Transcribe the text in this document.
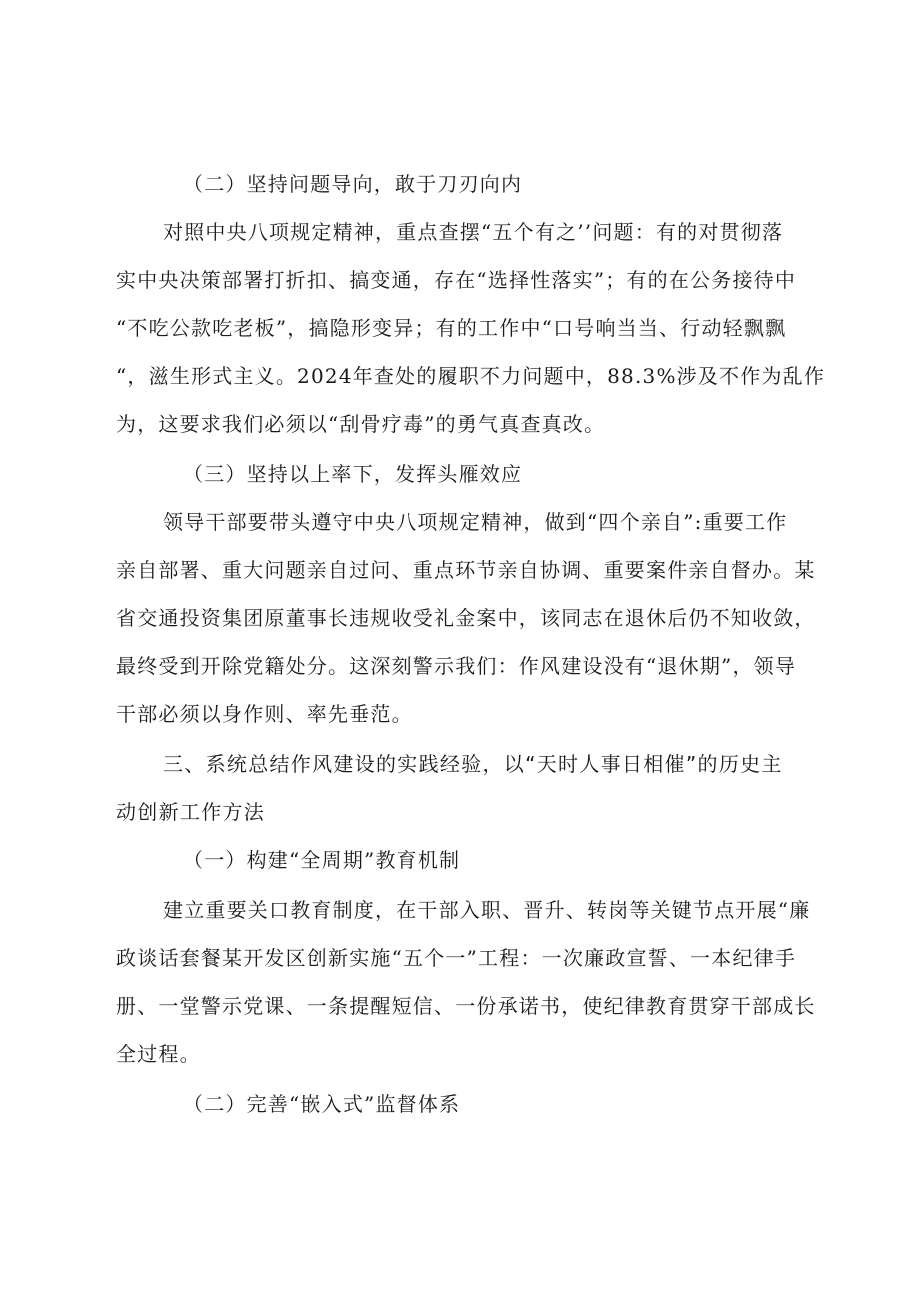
（二）坚持问题导向，敢于刀刃向内
对照中央八项规定精神，重点查摆“五个有之’’问题：有的对贯彻落
实中央决策部署打折扣、搞变通，存在“选择性落实”；有的在公务接待中
“不吃公款吃老板”，搞隐形变异；有的工作中“口号响当当、行动轻飘飘
“，滋生形式主义。2024年查处的履职不力问题中，88.3%涉及不作为乱作
为，这要求我们必须以“刮骨疗毒”的勇气真查真改。
（三）坚持以上率下，发挥头雁效应
领导干部要带头遵守中央八项规定精神，做到“四个亲自”:重要工作
亲自部署、重大问题亲自过问、重点环节亲自协调、重要案件亲自督办。某
省交通投资集团原董事长违规收受礼金案中，该同志在退休后仍不知收敛，
最终受到开除党籍处分。这深刻警示我们：作风建设没有“退休期”，领导
干部必须以身作则、率先垂范。
三、系统总结作风建设的实践经验，以“天时人事日相催”的历史主
动创新工作方法
（一）构建“全周期”教育机制
建立重要关口教育制度，在干部入职、晋升、转岗等关键节点开展“廉
政谈话套餐某开发区创新实施“五个一”工程：一次廉政宣誓、一本纪律手
册、一堂警示党课、一条提醒短信、一份承诺书，使纪律教育贯穿干部成长
全过程。
（二）完善“嵌入式”监督体系
